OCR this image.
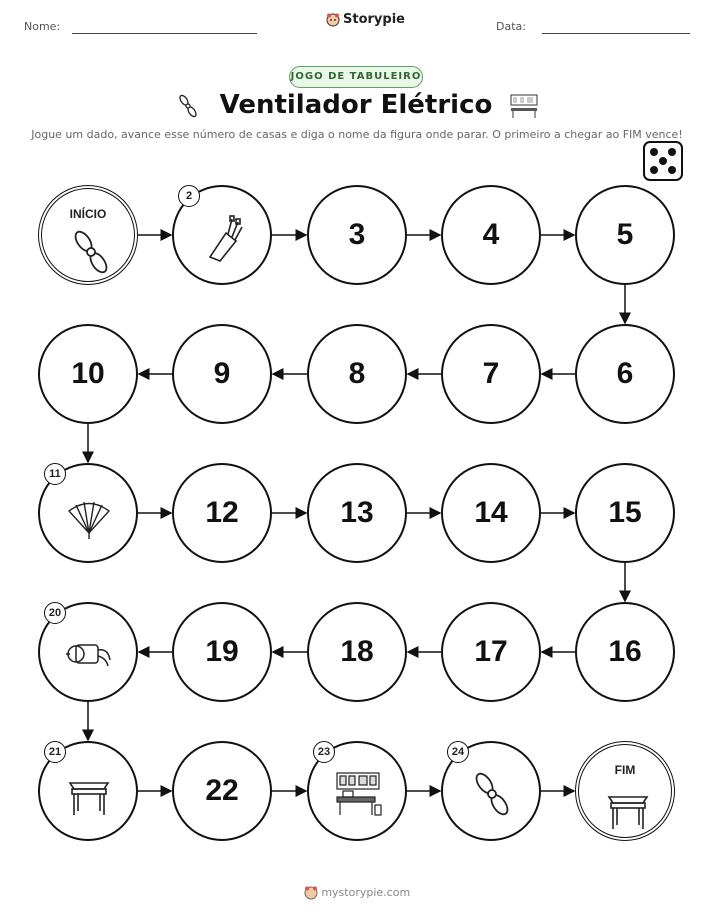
Nome:	Storypie	Data:
JOGO DE TABULEIRO
Ventilador Elétrico
Jogue um dado, avance esse número de casas e diga o nome da figura onde parar. O primeiro a chegar ao FIM vence!
INÍCIO
2
3	4	5
6
7
8
9
10
11
12	13	14	15
16
17
18
19
20
21
22
23	24
FIM
mystorypie.com
